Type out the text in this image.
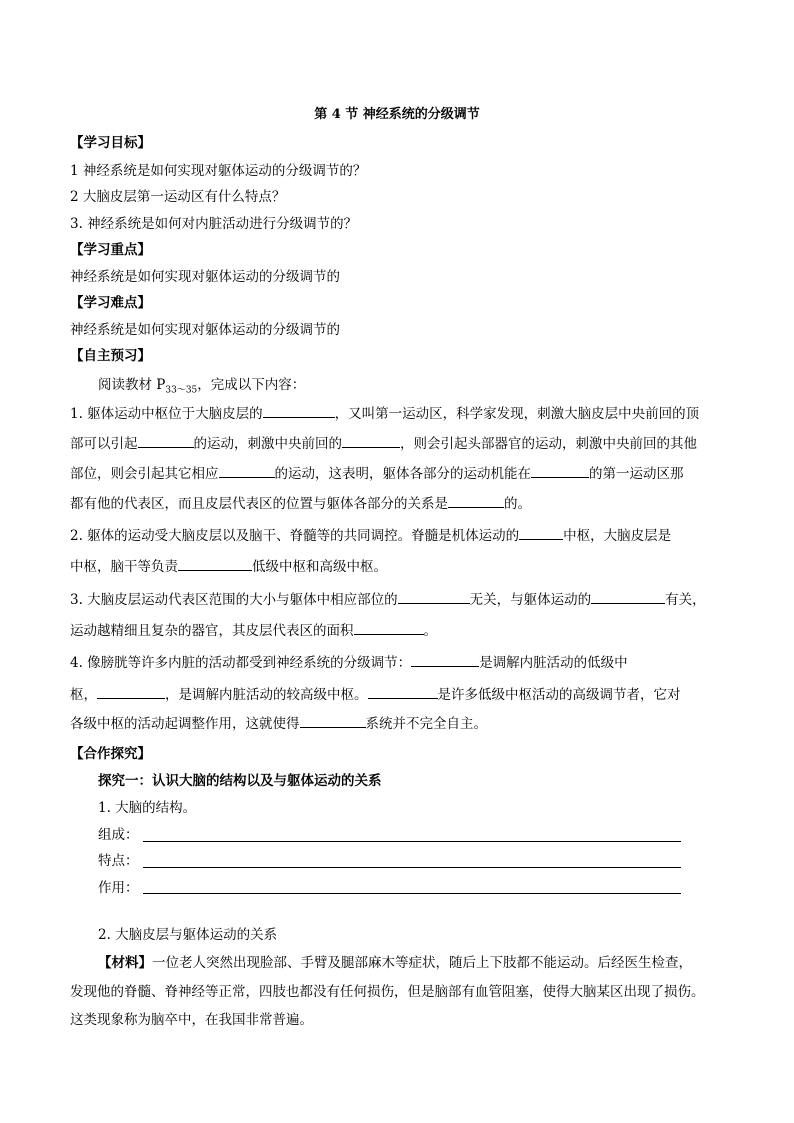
第 4 节 神经系统的分级调节
【学习目标】
1 神经系统是如何实现对躯体运动的分级调节的？
2 大脑皮层第一运动区有什么特点？
3. 神经系统是如何对内脏活动进行分级调节的？
【学习重点】
神经系统是如何实现对躯体运动的分级调节的
【学习难点】
神经系统是如何实现对躯体运动的分级调节的
【自主预习】
阅读教材 $P_{33\sim 35}$，完成以下内容：
1. 躯体运动中枢位于大脑皮层的	，又叫第一运动区，科学家发现，刺激大脑皮层中央前回的顶
部可以引起	的运动，刺激中央前回的	，则会引起头部器官的运动，刺激中央前回的其他
部位，则会引起其它相应	的运动，这表明，躯体各部分的运动机能在	的第一运动区那
都有他的代表区，而且皮层代表区的位置与躯体各部分的关系是	的。
2. 躯体的运动受大脑皮层以及脑干、脊髓等的共同调控。脊髓是机体运动的	中枢，大脑皮层是
中枢，脑干等负责	低级中枢和高级中枢。
3. 大脑皮层运动代表区范围的大小与躯体中相应部位的	无关，与躯体运动的	有关，
运动越精细且复杂的器官，其皮层代表区的面积	。
4. 像膀胱等许多内脏的活动都受到神经系统的分级调节：	是调解内脏活动的低级中
枢，	，是调解内脏活动的较高级中枢。	是许多低级中枢活动的高级调节者，它对
各级中枢的活动起调整作用，这就使得	系统并不完全自主。
【合作探究】
探究一：认识大脑的结构以及与躯体运动的关系
1. 大脑的结构。
组成：
特点：
作用：
2. 大脑皮层与躯体运动的关系
【材料】一位老人突然出现脸部、手臂及腿部麻木等症状，随后上下肢都不能运动。后经医生检查，
发现他的脊髓、脊神经等正常，四肢也都没有任何损伤，但是脑部有血管阻塞，使得大脑某区出现了损伤。
这类现象称为脑卒中，在我国非常普遍。
